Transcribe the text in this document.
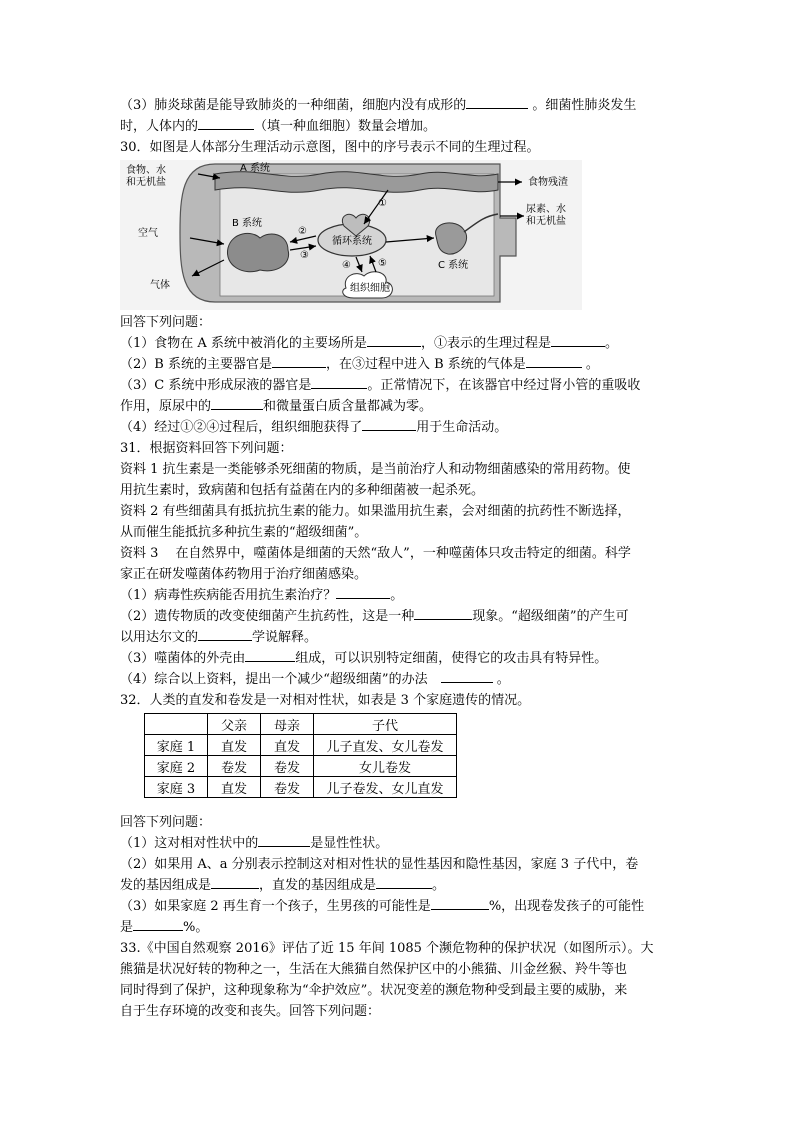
（3）肺炎球菌是能导致肺炎的一种细菌，细胞内没有成形的	。细菌性肺炎发生
时，人体内的	（填一种血细胞）数量会增加。
30．如图是人体部分生理活动示意图，图中的序号表示不同的生理过程。
食物、水
和无机盐
A 系统
食物残渣
B 系统
空气
气体
循环系统
组织细胞
C 系统
尿素、水
和无机盐
①
②
③
④	⑤
回答下列问题：
（1）食物在 A 系统中被消化的主要场所是	，①表示的生理过程是	。
（2）B 系统的主要器官是	，在③过程中进入 B 系统的气体是	。
（3）C 系统中形成尿液的器官是	。正常情况下，在该器官中经过肾小管的重吸收
作用，原尿中的	和微量蛋白质含量都减为零。
（4）经过①②④过程后，组织细胞获得了	用于生命活动。
31．根据资料回答下列问题：
资料 1 抗生素是一类能够杀死细菌的物质，是当前治疗人和动物细菌感染的常用药物。使
用抗生素时，致病菌和包括有益菌在内的多种细菌被一起杀死。
资料 2 有些细菌具有抵抗抗生素的能力。如果滥用抗生素，会对细菌的抗药性不断选择，
从而催生能抵抗多种抗生素的“超级细菌”。
资料 3　 在自然界中，噬菌体是细菌的天然“敌人”，一种噬菌体只攻击特定的细菌。科学
家正在研发噬菌体药物用于治疗细菌感染。
（1）病毒性疾病能否用抗生素治疗？	。
（2）遗传物质的改变使细菌产生抗药性，这是一种	现象。“超级细菌”的产生可
以用达尔文的	学说解释。
（3）噬菌体的外壳由	组成，可以识别特定细菌，使得它的攻击具有特异性。
（4）综合以上资料，提出一个减少“超级细菌”的办法　	。
32．人类的直发和卷发是一对相对性状，如表是 3 个家庭遗传的情况。
	父亲	母亲	子代
家庭 1	直发	直发	儿子直发、女儿卷发
家庭 2	卷发	卷发	女儿卷发
家庭 3	直发	卷发	儿子卷发、女儿直发
回答下列问题：
（1）这对相对性状中的	是显性性状。
（2）如果用 A、a 分别表示控制这对相对性状的显性基因和隐性基因，家庭 3 子代中，卷
发的基因组成是	，直发的基因组成是	。
（3）如果家庭 2 再生育一个孩子，生男孩的可能性是	%，出现卷发孩子的可能性
是	%。
33.《中国自然观察 2016》评估了近 15 年间 1085 个濒危物种的保护状况（如图所示）。大
熊猫是状况好转的物种之一，生活在大熊猫自然保护区中的小熊猫、川金丝猴、羚牛等也
同时得到了保护，这种现象称为“伞护效应”。状况变差的濒危物种受到最主要的威胁，来
自于生存环境的改变和丧失。回答下列问题：
